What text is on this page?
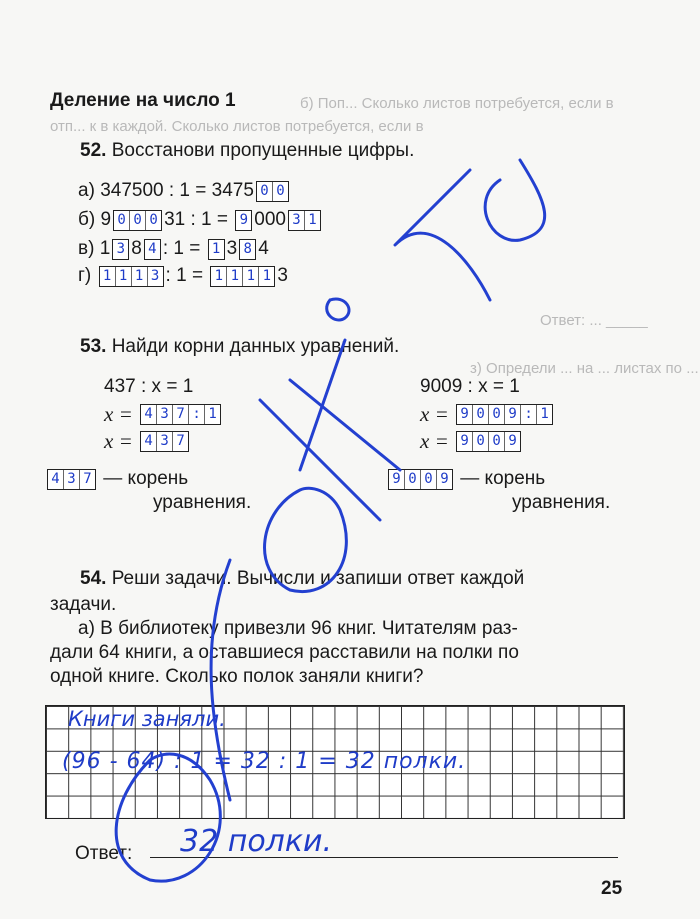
б) Поп... Сколько листов потребуется, если в
отп... к в каждой. Сколько листов потребуется, если в
Ответ: ... _____
з) Определи ... на ... листах по ...
Деление на число 1
52. Восстанови пропущенные цифры.
а)
347500 : 1 = 3475 0 0
б)
9 0 0 0 31 : 1 =
9 000 3 1
в)
1 3 8 4 : 1 =
1 3 8 4
г)
1 1 1 3 : 1 =
1 1 1 1 3
53. Найди корни данных уравнений.
437 : x = 1
x =
4 3 7 : 1
x =
4 3 7
9009 : x = 1
x =
9 0 0 9 : 1
x =
9 0 0 9
4 3 7
— корень
уравнения.
9 0 0 9
— корень
уравнения.
54. Реши задачи. Вычисли и запиши ответ каждой
задачи.
а) В библиотеку привезли 96 книг. Читателям раз-
дали 64 книги, а оставшиеся расставили на полки по
одной книге. Сколько полок заняли книги?
Книги заняли.
(96 - 64) : 1 = 32 : 1 = 32 полки.
Ответ: 32 полки.
25
